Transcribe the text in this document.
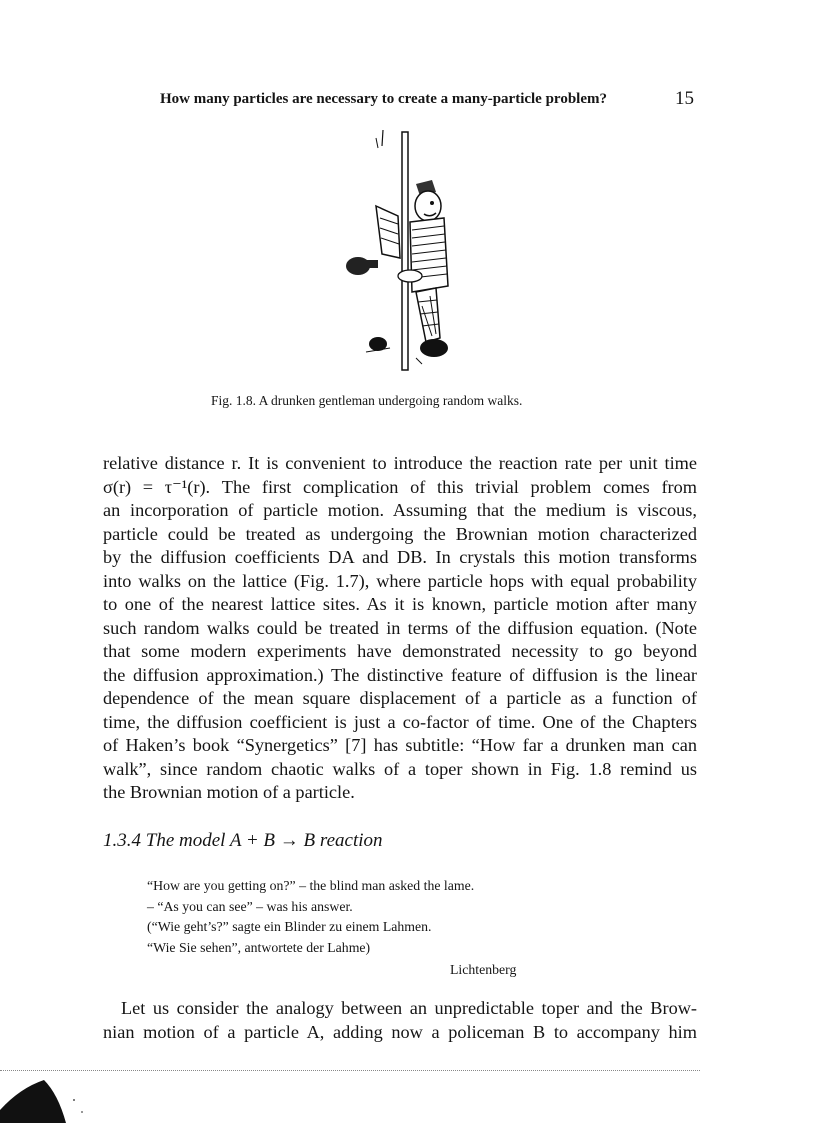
How many particles are necessary to create a many-particle problem?	15
Fig. 1.8. A drunken gentleman undergoing random walks.
relative distance r. It is convenient to introduce the reaction rate per unit time
σ(r) = τ⁻¹(r). The first complication of this trivial problem comes from
an incorporation of particle motion. Assuming that the medium is viscous,
particle could be treated as undergoing the Brownian motion characterized
by the diffusion coefficients DA and DB. In crystals this motion transforms
into walks on the lattice (Fig. 1.7), where particle hops with equal probability
to one of the nearest lattice sites. As it is known, particle motion after many
such random walks could be treated in terms of the diffusion equation. (Note
that some modern experiments have demonstrated necessity to go beyond
the diffusion approximation.) The distinctive feature of diffusion is the linear
dependence of the mean square displacement of a particle as a function of
time, the diffusion coefficient is just a co-factor of time. One of the Chapters
of Haken’s book “Synergetics” [7] has subtitle: “How far a drunken man can
walk”, since random chaotic walks of a toper shown in Fig. 1.8 remind us
the Brownian motion of a particle.
1.3.4 The model A + B → B reaction
“How are you getting on?” – the blind man asked the lame.
– “As you can see” – was his answer.
(“Wie geht’s?” sagte ein Blinder zu einem Lahmen.
“Wie Sie sehen”, antwortete der Lahme)
Lichtenberg
Let us consider the analogy between an unpredictable toper and the Brow-
nian motion of a particle A, adding now a policeman B to accompany him
